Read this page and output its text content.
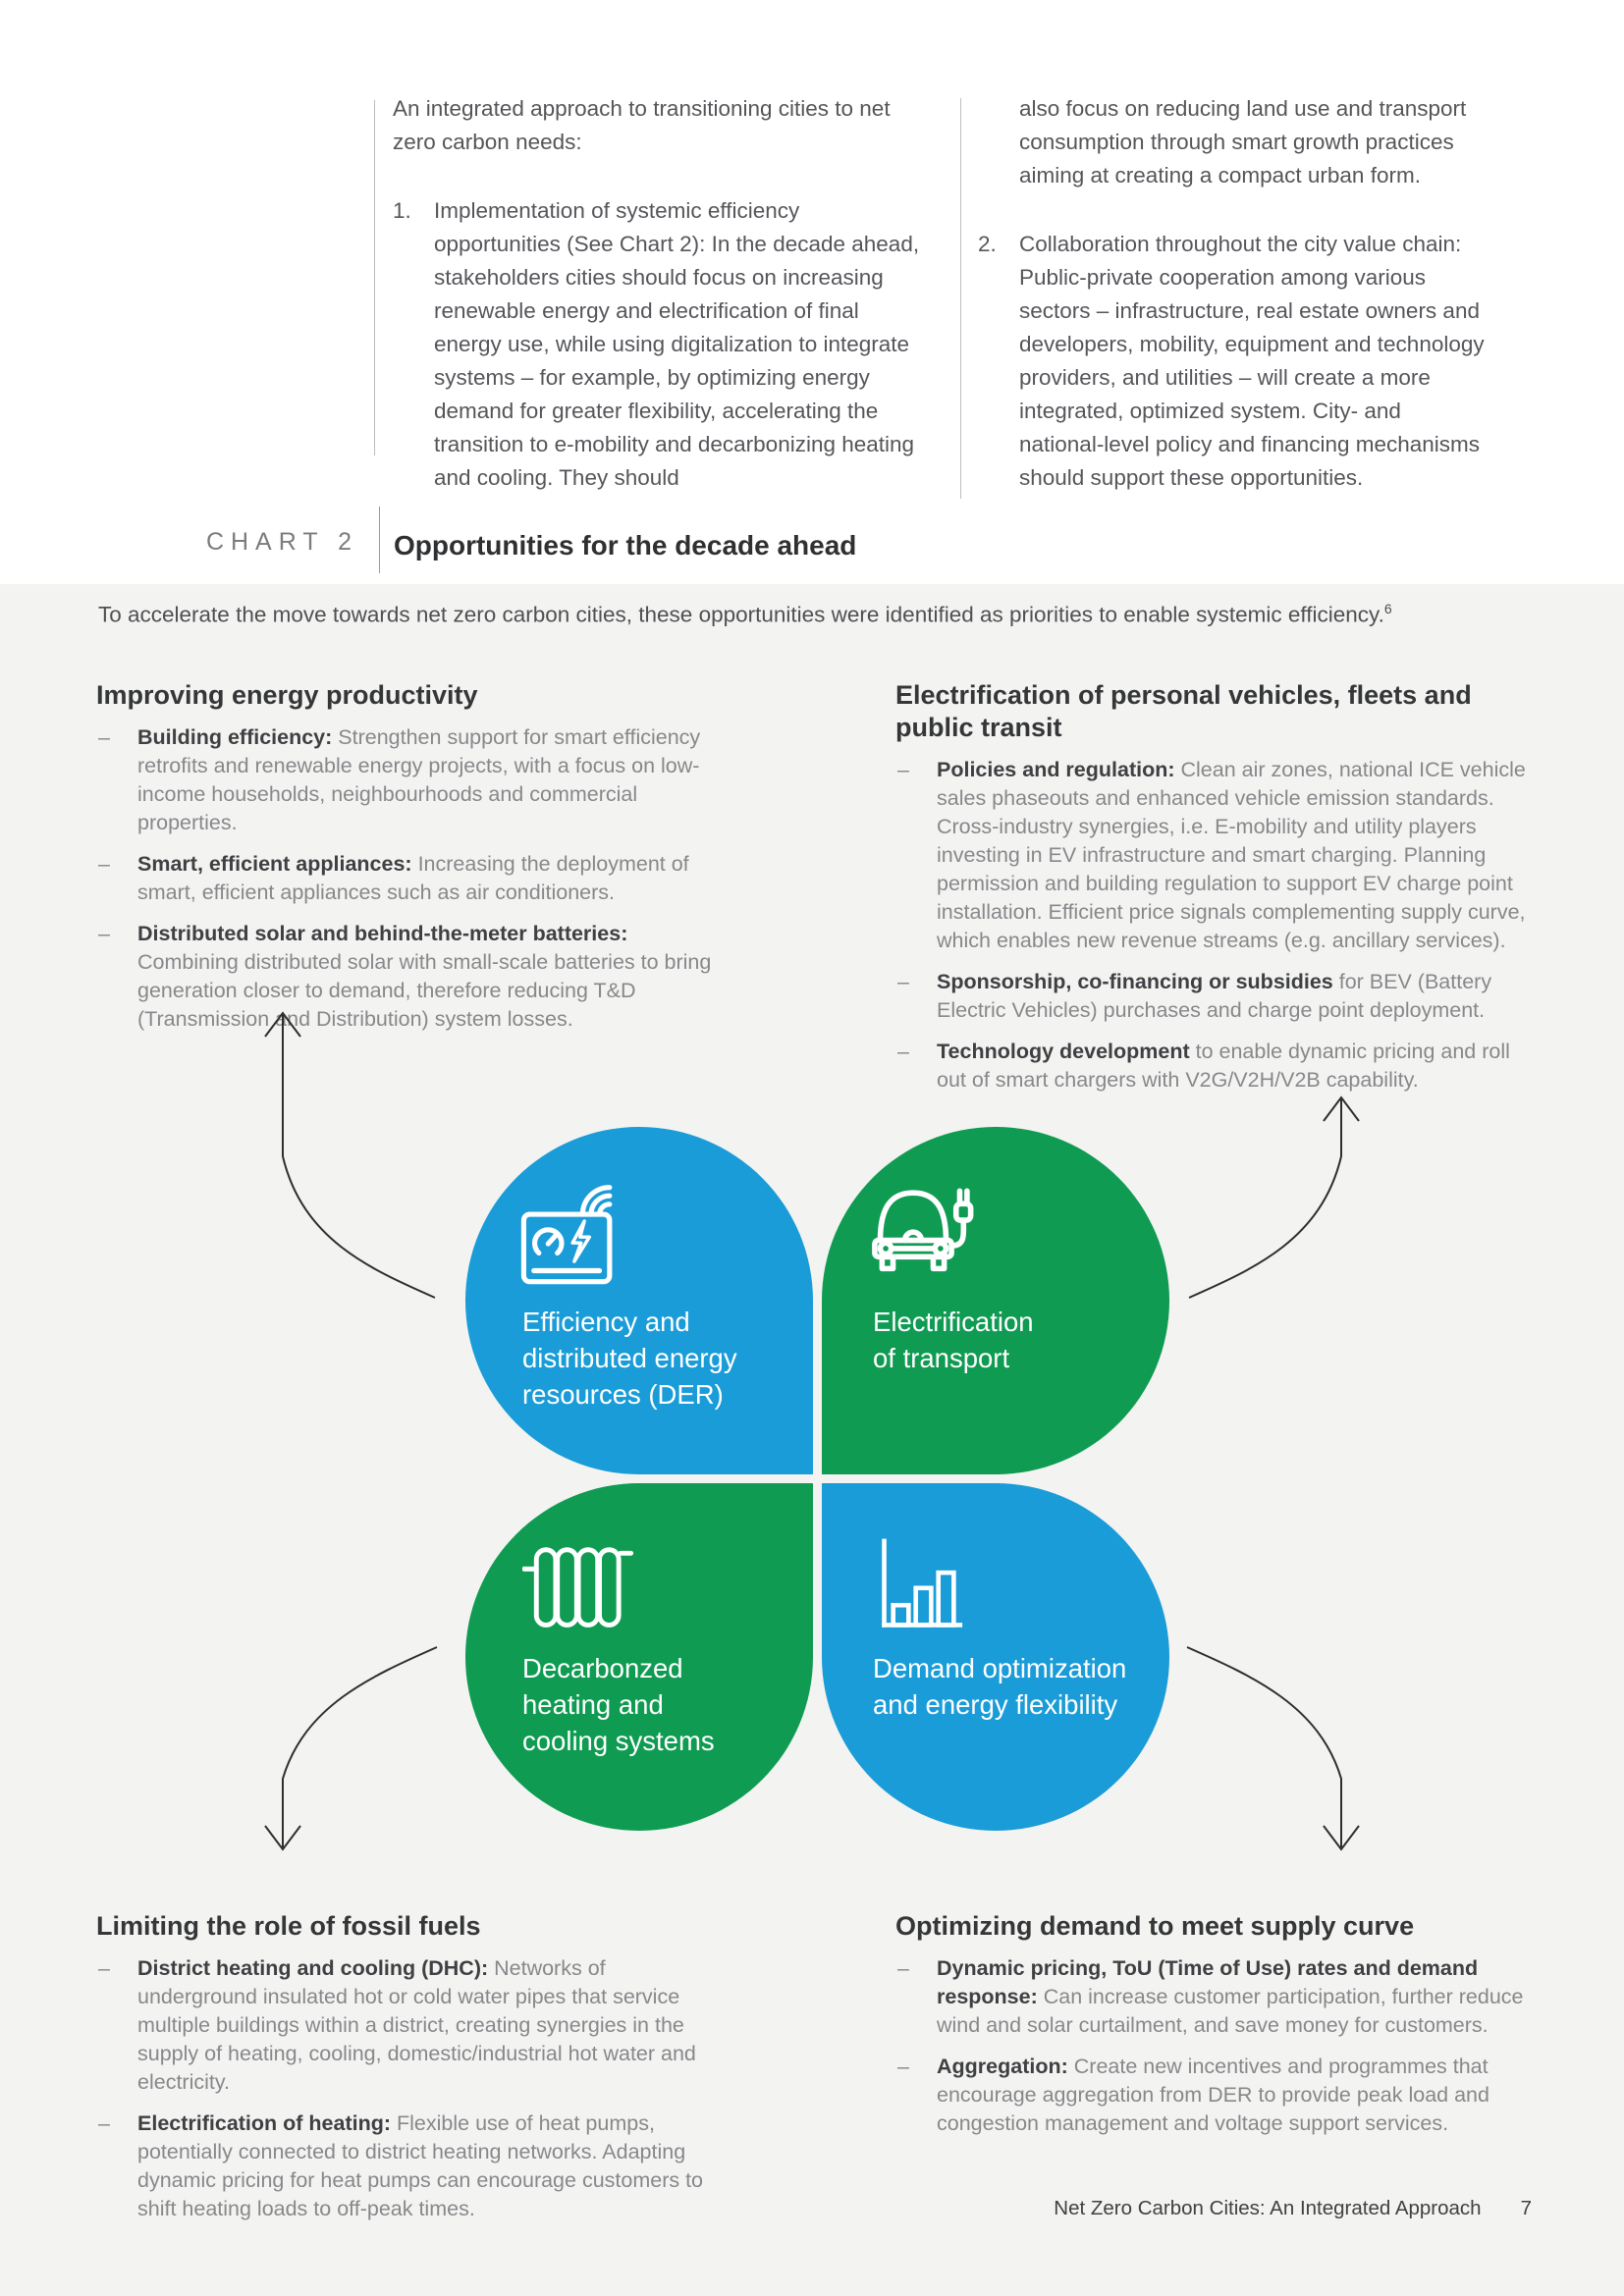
An integrated approach to transitioning cities to net zero carbon needs:
1. Implementation of systemic efficiency opportunities (See Chart 2): In the decade ahead, stakeholders cities should focus on increasing renewable energy and electrification of final energy use, while using digitalization to integrate systems – for example, by optimizing energy demand for greater flexibility, accelerating the transition to e-mobility and decarbonizing heating and cooling. They should
also focus on reducing land use and transport consumption through smart growth practices aiming at creating a compact urban form.
2. Collaboration throughout the city value chain: Public-private cooperation among various sectors – infrastructure, real estate owners and developers, mobility, equipment and technology providers, and utilities – will create a more integrated, optimized system. City- and national-level policy and financing mechanisms should support these opportunities.
CHART 2 Opportunities for the decade ahead
To accelerate the move towards net zero carbon cities, these opportunities were identified as priorities to enable systemic efficiency.$^6$
Improving energy productivity
– Building efficiency: Strengthen support for smart efficiency retrofits and renewable energy projects, with a focus on low-income households, neighbourhoods and commercial properties.
– Smart, efficient appliances: Increasing the deployment of smart, efficient appliances such as air conditioners.
– Distributed solar and behind-the-meter batteries: Combining distributed solar with small-scale batteries to bring generation closer to demand, therefore reducing T&D (Transmission and Distribution) system losses.
Electrification of personal vehicles, fleets and public transit
– Policies and regulation: Clean air zones, national ICE vehicle sales phaseouts and enhanced vehicle emission standards. Cross-industry synergies, i.e. E-mobility and utility players investing in EV infrastructure and smart charging. Planning permission and building regulation to support EV charge point installation. Efficient price signals complementing supply curve, which enables new revenue streams (e.g. ancillary services).
– Sponsorship, co-financing or subsidies for BEV (Battery Electric Vehicles) purchases and charge point deployment.
– Technology development to enable dynamic pricing and roll out of smart chargers with V2G/V2H/V2B capability.
Limiting the role of fossil fuels
– District heating and cooling (DHC): Networks of underground insulated hot or cold water pipes that service multiple buildings within a district, creating synergies in the supply of heating, cooling, domestic/industrial hot water and electricity.
– Electrification of heating: Flexible use of heat pumps, potentially connected to district heating networks. Adapting dynamic pricing for heat pumps can encourage customers to shift heating loads to off-peak times.
Optimizing demand to meet supply curve
– Dynamic pricing, ToU (Time of Use) rates and demand response: Can increase customer participation, further reduce wind and solar curtailment, and save money for customers.
– Aggregation: Create new incentives and programmes that encourage aggregation from DER to provide peak load and congestion management and voltage support services.
Efficiency and
distributed energy
resources (DER)
Electrification
of transport
Decarbonzed
heating and
cooling systems
Demand optimization
and energy flexibility
Net Zero Carbon Cities: An Integrated Approach 7
